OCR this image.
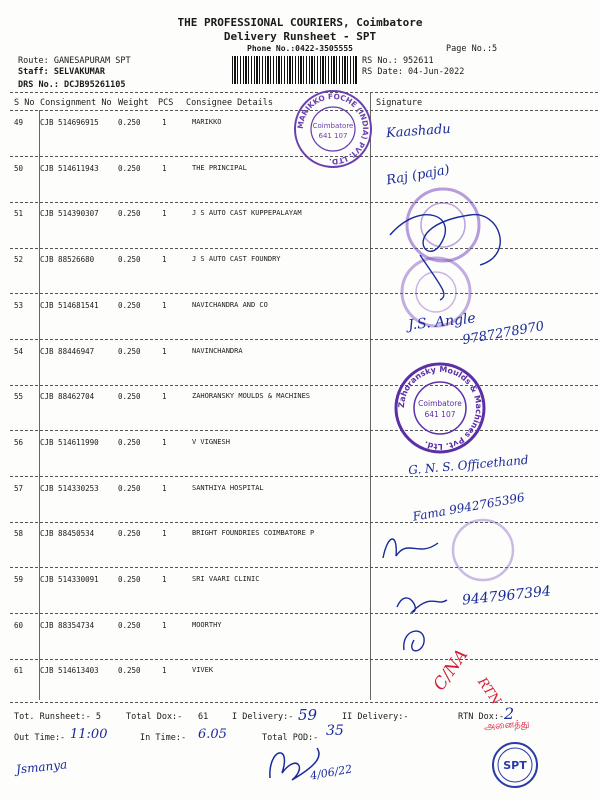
THE PROFESSIONAL COURIERS, Coimbatore
Delivery Runsheet - SPT
Phone No.:0422-3505555	Page No.:5
Route: GANESAPURAM SPT
Staff: SELVAKUMAR
DRS No.: DCJB95261105
RS No.: 952611
RS Date: 04-Jun-2022
S No Consignment No Weight PCS Consignee Details	Signature
49 CJB 514696915	0.250	1	MARIKKO
50 CJB 514611943	0.250	1	THE PRINCIPAL
51 CJB 514390307	0.250	1	J S AUTO CAST KUPPEPALAYAM
52 CJB 88526680	0.250	1	J S AUTO CAST FOUNDRY
53 CJB 514681541	0.250	1	NAVICHANDRA AND CO
54 CJB 88446947	0.250	1	NAVINCHANDRA
55 CJB 88462704	0.250	1	ZAHORANSKY MOULDS & MACHINES
56 CJB 514611990	0.250	1	V VIGNESH
57 CJB 514330253	0.250	1	SANTHIYA HOSPITAL
58 CJB 88450534	0.250	1	BRIGHT FOUNDRIES COIMBATORE P
59 CJB 514330091	0.250	1	SRI VAARI CLINIC
60 CJB 88354734	0.250	1	MOORTHY
61 CJB 514613403	0.250	1	VIVEK
Tot. Runsheet:- 5	Total Dox:- 61	I Delivery:- 59	II Delivery:-	RTN Dox:- 2
Out Time:- 11:00	In Time:- 6.05	Total POD:- 35
MARIKKO FOCHE (INDIA) PVT. LTD.
Coimbatore
641 107
Zahoransky Moulds & Machines Pvt. Ltd.
Coimbatore
641 107
SPT
Kaashadu
Raj (paja)
J.S. Angle
9787278970
G. N. S. Officethand
Fama 9942765396
9447967394
C/NA RTN
அனைத்து
Jsmanya	4/06/22
